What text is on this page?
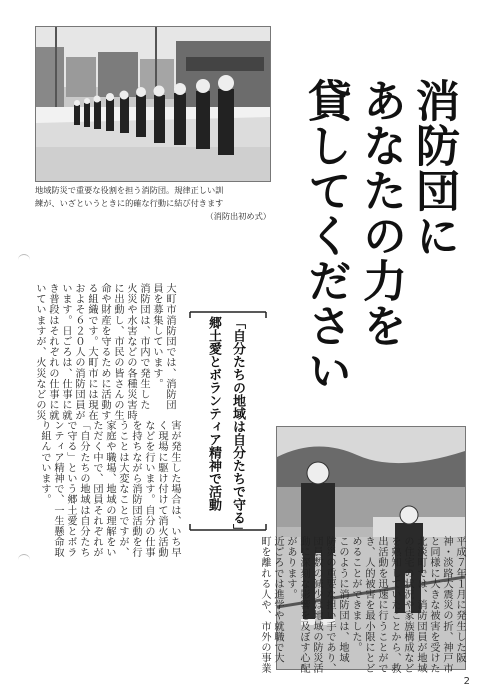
地域防災で重要な役割を担う消防団。規律正しい訓
練が、いざというときに的確な行動に結び付きます
（消防出初め式）	消防団に
あなたの力を
貸してください
「自分たちの地域は自分たちで守る」
郷土愛とボランティア精神で活動
大町市消防団では、消防団
員を募集しています。
消防団は、市内で発生した
火災や水害などの各種災害時
に出動し、市民の皆さんの生
命や財産を守るために活動す
る組織です。大町市には現在
およそ６２０人の消防団員が
います。日ごろは、仕事に就
き普段はそれぞれの仕事に就
いていますが、火災などの災
害が発生した場合は、いち早
く現場に駆け付けて消火活動
などを行います。自分の仕事
を持ちながら消防団活動を行
うことは大変なことですが、
家庭や職場、地域の理解をい
ただく中で、団員それぞれが
「自分たちの地域は自分たち
で守る」という郷土愛とボラ
ンティア精神で、一生懸命取
り組んでいます。
平成７年１月に発生した阪
神・淡路大震災の折、神戸市
と同様に大きな被害を受けた
北淡町では、消防団員が地域
の住宅の状況や家族構成など
を熟知していたことから、救
出活動を迅速に行うことがで
き、人的被害を最小限にとど
めることができました。
このように消防団は、地域
防災の重要な担い手であり、
団員数の減少は地域の防災活
動に深刻な影響を及ぼす心配
があります。
近ごろでは進学や就職で大
町を離れる人や、市外の事業
2
